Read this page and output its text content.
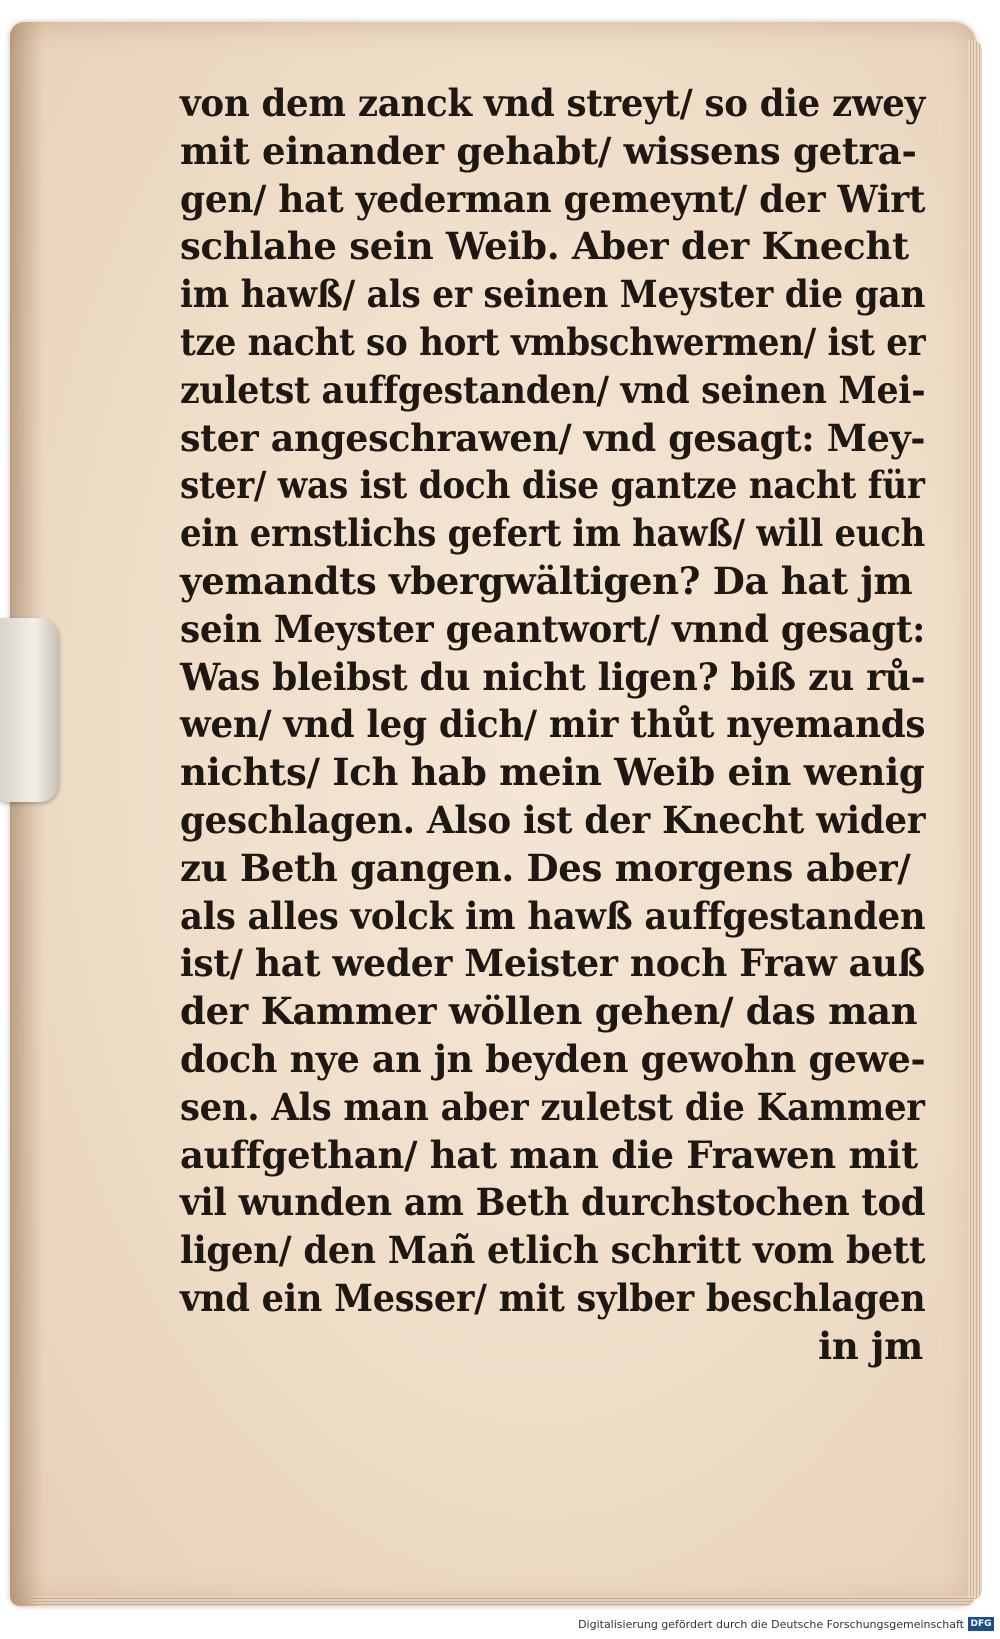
von dem zanck vnd streyt/ so die zwey
mit einander gehabt/ wissens getra-
gen/ hat yederman gemeynt/ der Wirt
schlahe sein Weib. Aber der Knecht
im hawß/ als er seinen Meyster die gan
tze nacht so hort vmbschwermen/ ist er
zuletst auffgestanden/ vnd seinen Mei-
ster angeschrawen/ vnd gesagt: Mey-
ster/ was ist doch dise gantze nacht für
ein ernstlichs gefert im hawß/ will euch
yemandts vbergwältigen? Da hat jm
sein Meyster geantwort/ vnnd gesagt:
Was bleibst du nicht ligen? biß zu rů-
wen/ vnd leg dich/ mir thůt nyemands
nichts/ Ich hab mein Weib ein wenig
geschlagen. Also ist der Knecht wider
zu Beth gangen. Des morgens aber/
als alles volck im hawß auffgestanden
ist/ hat weder Meister noch Fraw auß
der Kammer wöllen gehen/ das man
doch nye an jn beyden gewohn gewe-
sen. Als man aber zuletst die Kammer
auffgethan/ hat man die Frawen mit
vil wunden am Beth durchstochen tod
ligen/ den Mañ etlich schritt vom bett
vnd ein Messer/ mit sylber beschlagen
in jm
Digitalisierung gefördert durch die Deutsche Forschungsgemeinschaft DFG
